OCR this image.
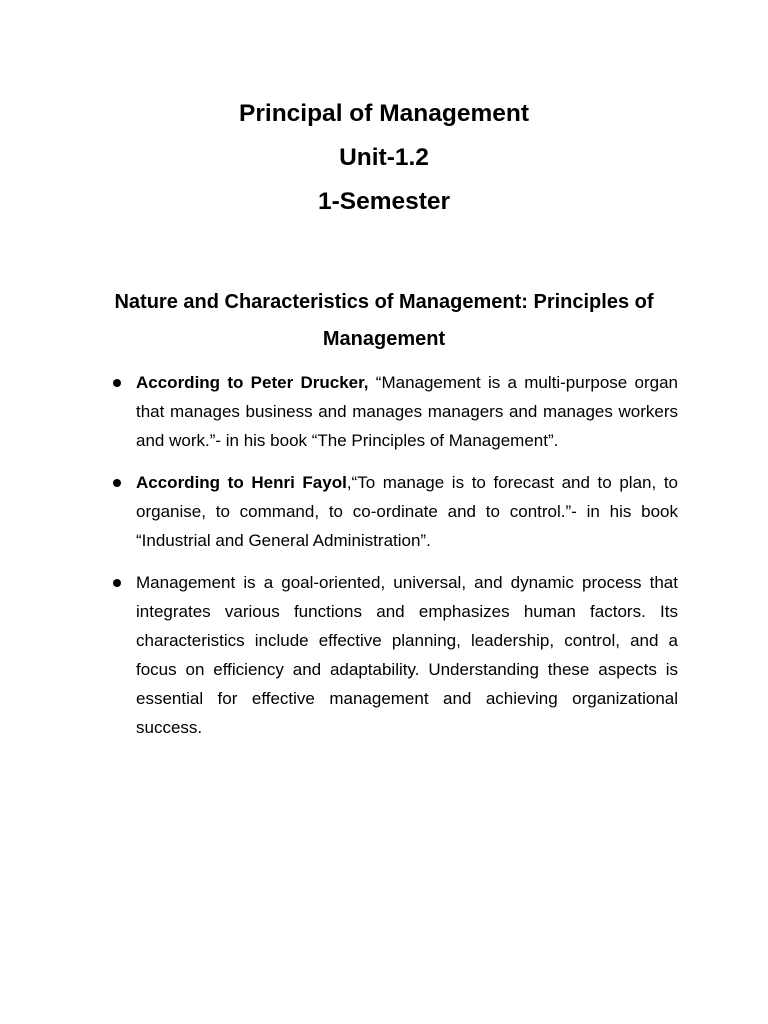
Principal of Management

Unit-1.2

1-Semester

Nature and Characteristics of Management: Principles of Management
According to Peter Drucker, “Management is a multi-purpose organ that manages business and manages managers and manages workers and work.”- in his book “The Principles of Management”.
According to Henri Fayol,“To manage is to forecast and to plan, to organise, to command, to co-ordinate and to control.”- in his book “Industrial and General Administration”.
Management is a goal-oriented, universal, and dynamic process that integrates various functions and emphasizes human factors. Its characteristics include effective planning, leadership, control, and a focus on efficiency and adaptability. Understanding these aspects is essential for effective management and achieving organizational success.
